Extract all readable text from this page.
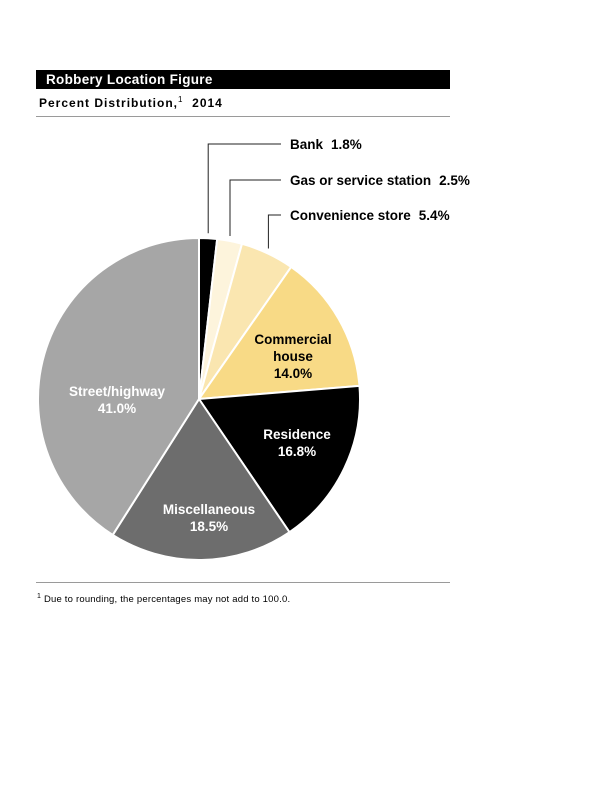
Robbery Location Figure
Percent Distribution,$^1$ 2014
Bank 1.8%
Gas or service station 2.5%
Convenience store 5.4%
Commercial
house
14.0%
Residence
16.8%
Miscellaneous
18.5%
Street/highway
41.0%
$^1$ Due to rounding, the percentages may not add to 100.0.
